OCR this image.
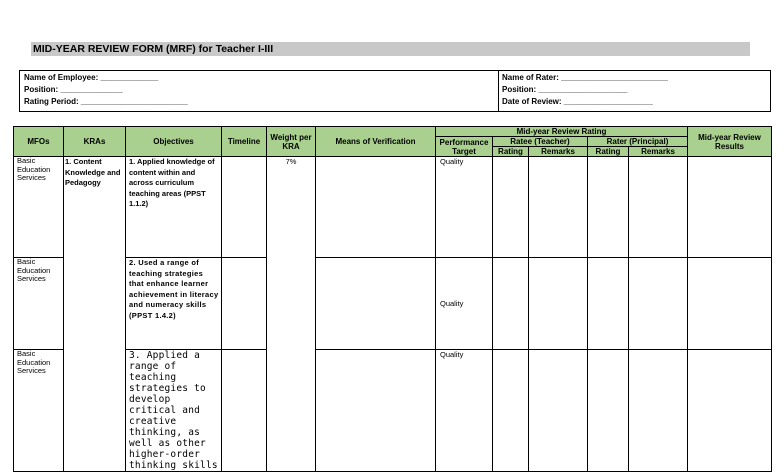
MID-YEAR REVIEW FORM (MRF) for Teacher I-III
Name of Employee: _____________
Position: ______________
Rating Period: ________________________
Name of Rater: ________________________
Position: ____________________
Date of Review: ____________________
MFOs	KRAs	Objectives	Timeline	Weight per KRA	Means of Verification	Mid-year Review Rating					Mid-year Review Results
						Performance Target	Ratee (Teacher)		Rater (Principal)		
							Rating	Remarks	Rating	Remarks	
Basic Education Services	1. Content Knowledge and Pedagogy	1. Applied knowledge of content within and across curriculum teaching areas (PPST 1.1.2)		7%		Quality					
Basic Education Services		2. Used a range of teaching strategies that enhance learner achievement in literacy and numeracy skills (PPST 1.4.2)				Quality					
Basic Education Services		3. Applied a range of teaching strategies to develop critical and creative thinking, as well as other higher-order thinking skills				Quality					
